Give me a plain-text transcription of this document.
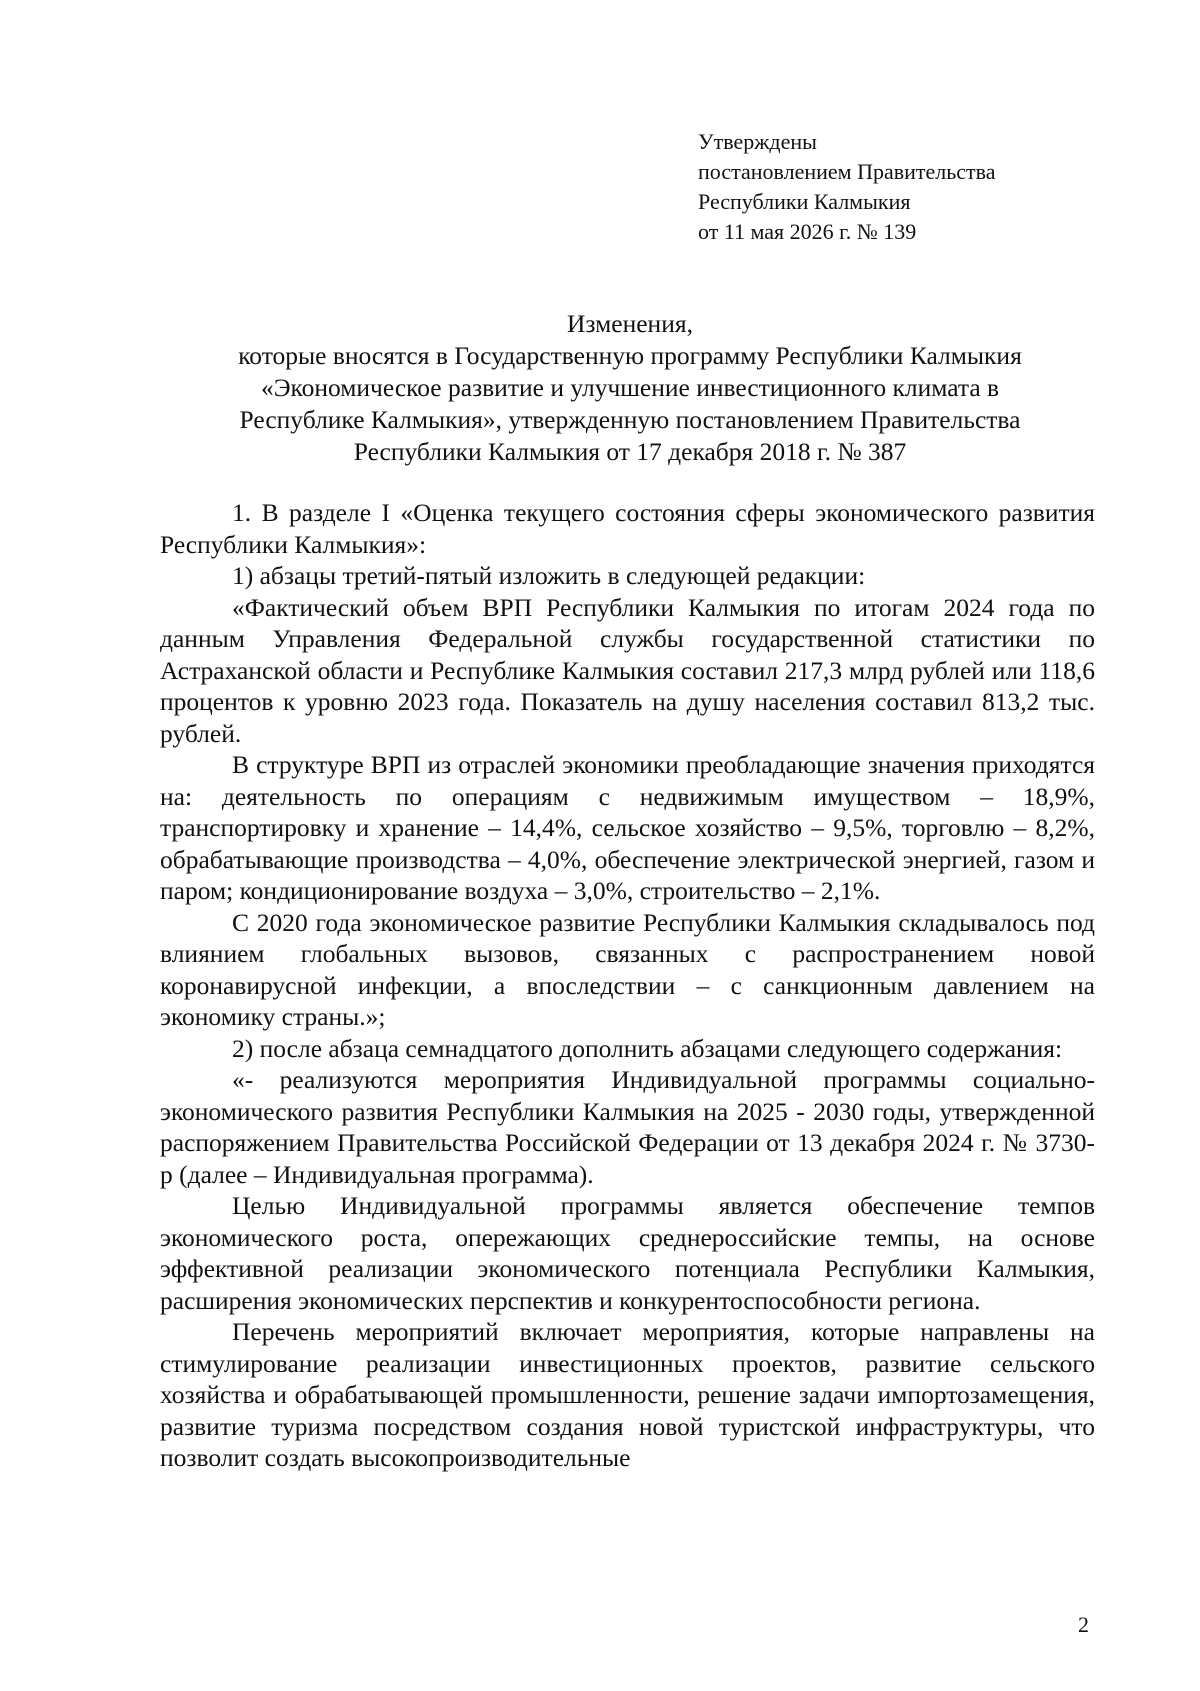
Утверждены
постановлением Правительства
Республики Калмыкия
от 11 мая 2026 г. № 139
Изменения,
которые вносятся в Государственную программу Республики Калмыкия
«Экономическое развитие и улучшение инвестиционного климата в
Республике Калмыкия», утвержденную постановлением Правительства
Республики Калмыкия от 17 декабря 2018 г. № 387

1. В разделе I «Оценка текущего состояния сферы экономического развития Республики Калмыкия»:

1) абзацы третий-пятый изложить в следующей редакции:

«Фактический объем ВРП Республики Калмыкия по итогам 2024 года по данным Управления Федеральной службы государственной статистики по Астраханской области и Республике Калмыкия составил 217,3 млрд рублей или 118,6 процентов к уровню 2023 года. Показатель на душу населения составил 813,2 тыс. рублей.

В структуре ВРП из отраслей экономики преобладающие значения приходятся на: деятельность по операциям с недвижимым имуществом – 18,9%, транспортировку и хранение – 14,4%, сельское хозяйство – 9,5%, торговлю – 8,2%, обрабатывающие производства – 4,0%, обеспечение электрической энергией, газом и паром; кондиционирование воздуха – 3,0%, строительство – 2,1%.

С 2020 года экономическое развитие Республики Калмыкия складывалось под влиянием глобальных вызовов, связанных с распространением новой коронавирусной инфекции, а впоследствии – с санкционным давлением на экономику страны.»;

2) после абзаца семнадцатого дополнить абзацами следующего содержания:

«- реализуются мероприятия Индивидуальной программы социально-экономического развития Республики Калмыкия на 2025 - 2030 годы, утвержденной распоряжением Правительства Российской Федерации от 13 декабря 2024 г. № 3730-р (далее – Индивидуальная программа).

Целью Индивидуальной программы является обеспечение темпов экономического роста, опережающих среднероссийские темпы, на основе эффективной реализации экономического потенциала Республики Калмыкия, расширения экономических перспектив и конкурентоспособности региона.

Перечень мероприятий включает мероприятия, которые направлены на стимулирование реализации инвестиционных проектов, развитие сельского хозяйства и обрабатывающей промышленности, решение задачи импортозамещения, развитие туризма посредством создания новой туристской инфраструктуры, что позволит создать высокопроизводительные

2
